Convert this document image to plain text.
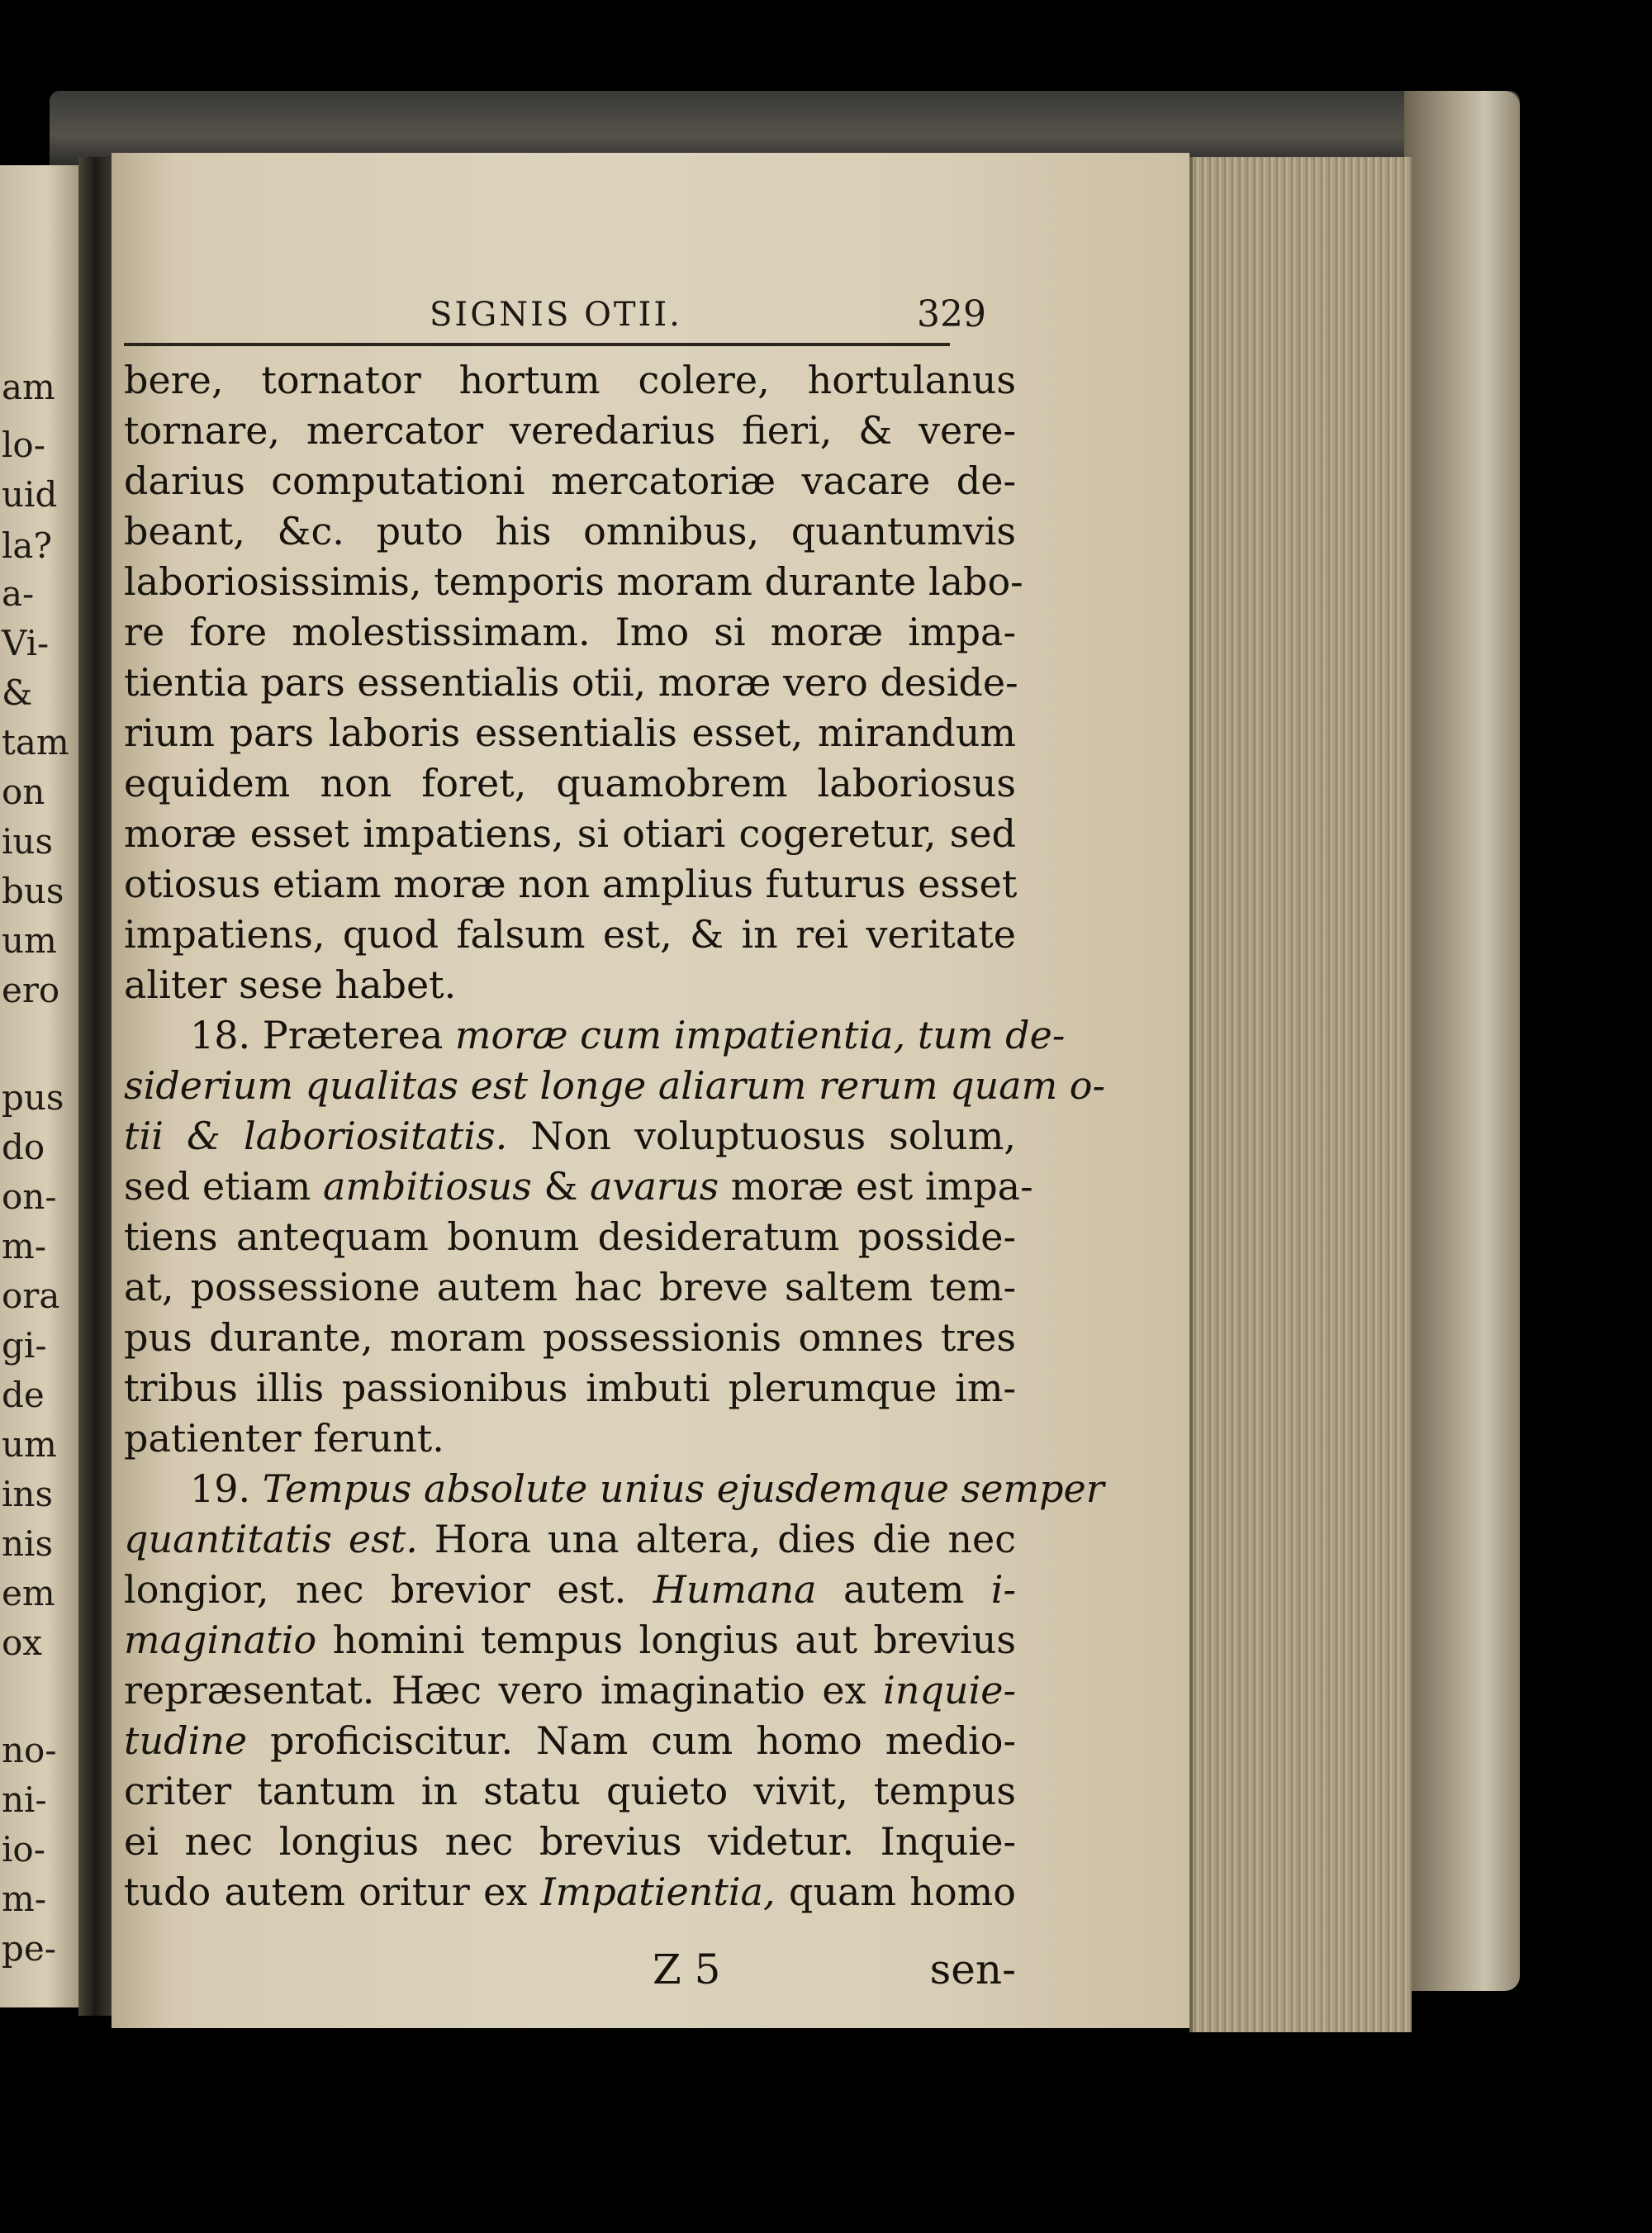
am
lo-
uid
la?
a-
Vi-
&
tam
on
ius
bus
um
ero
pus
do
on-
m-
ora
gi-
de
um
ins
nis
em
ox
no-
ni-
io-
m-
pe-
SIGNIS OTII.	329
bere, tornator hortum colere, hortulanus
tornare, mercator veredarius fieri, & vere-
darius computationi mercatoriæ vacare de-
beant, &c. puto his omnibus, quantumvis
laboriosissimis, temporis moram durante labo-
re fore molestissimam. Imo si moræ impa-
tientia pars essentialis otii, moræ vero deside-
rium pars laboris essentialis esset, mirandum
equidem non foret, quamobrem laboriosus
moræ esset impatiens, si otiari cogeretur, sed
otiosus etiam moræ non amplius futurus esset
impatiens, quod falsum est, & in rei veritate
aliter sese habet.
18. Præterea moræ cum impatientia, tum de-
siderium qualitas est longe aliarum rerum quam o-
tii & laboriositatis. Non voluptuosus solum,
sed etiam ambitiosus & avarus moræ est impa-
tiens antequam bonum desideratum posside-
at, possessione autem hac breve saltem tem-
pus durante, moram possessionis omnes tres
tribus illis passionibus imbuti plerumque im-
patienter ferunt.
19. Tempus absolute unius ejusdemque semper
quantitatis est. Hora una altera, dies die nec
longior, nec brevior est. Humana autem i-
maginatio homini tempus longius aut brevius
repræsentat. Hæc vero imaginatio ex inquie-
tudine proficiscitur. Nam cum homo medio-
criter tantum in statu quieto vivit, tempus
ei nec longius nec brevius videtur. Inquie-
tudo autem oritur ex Impatientia, quam homo
Z 5	sen-
